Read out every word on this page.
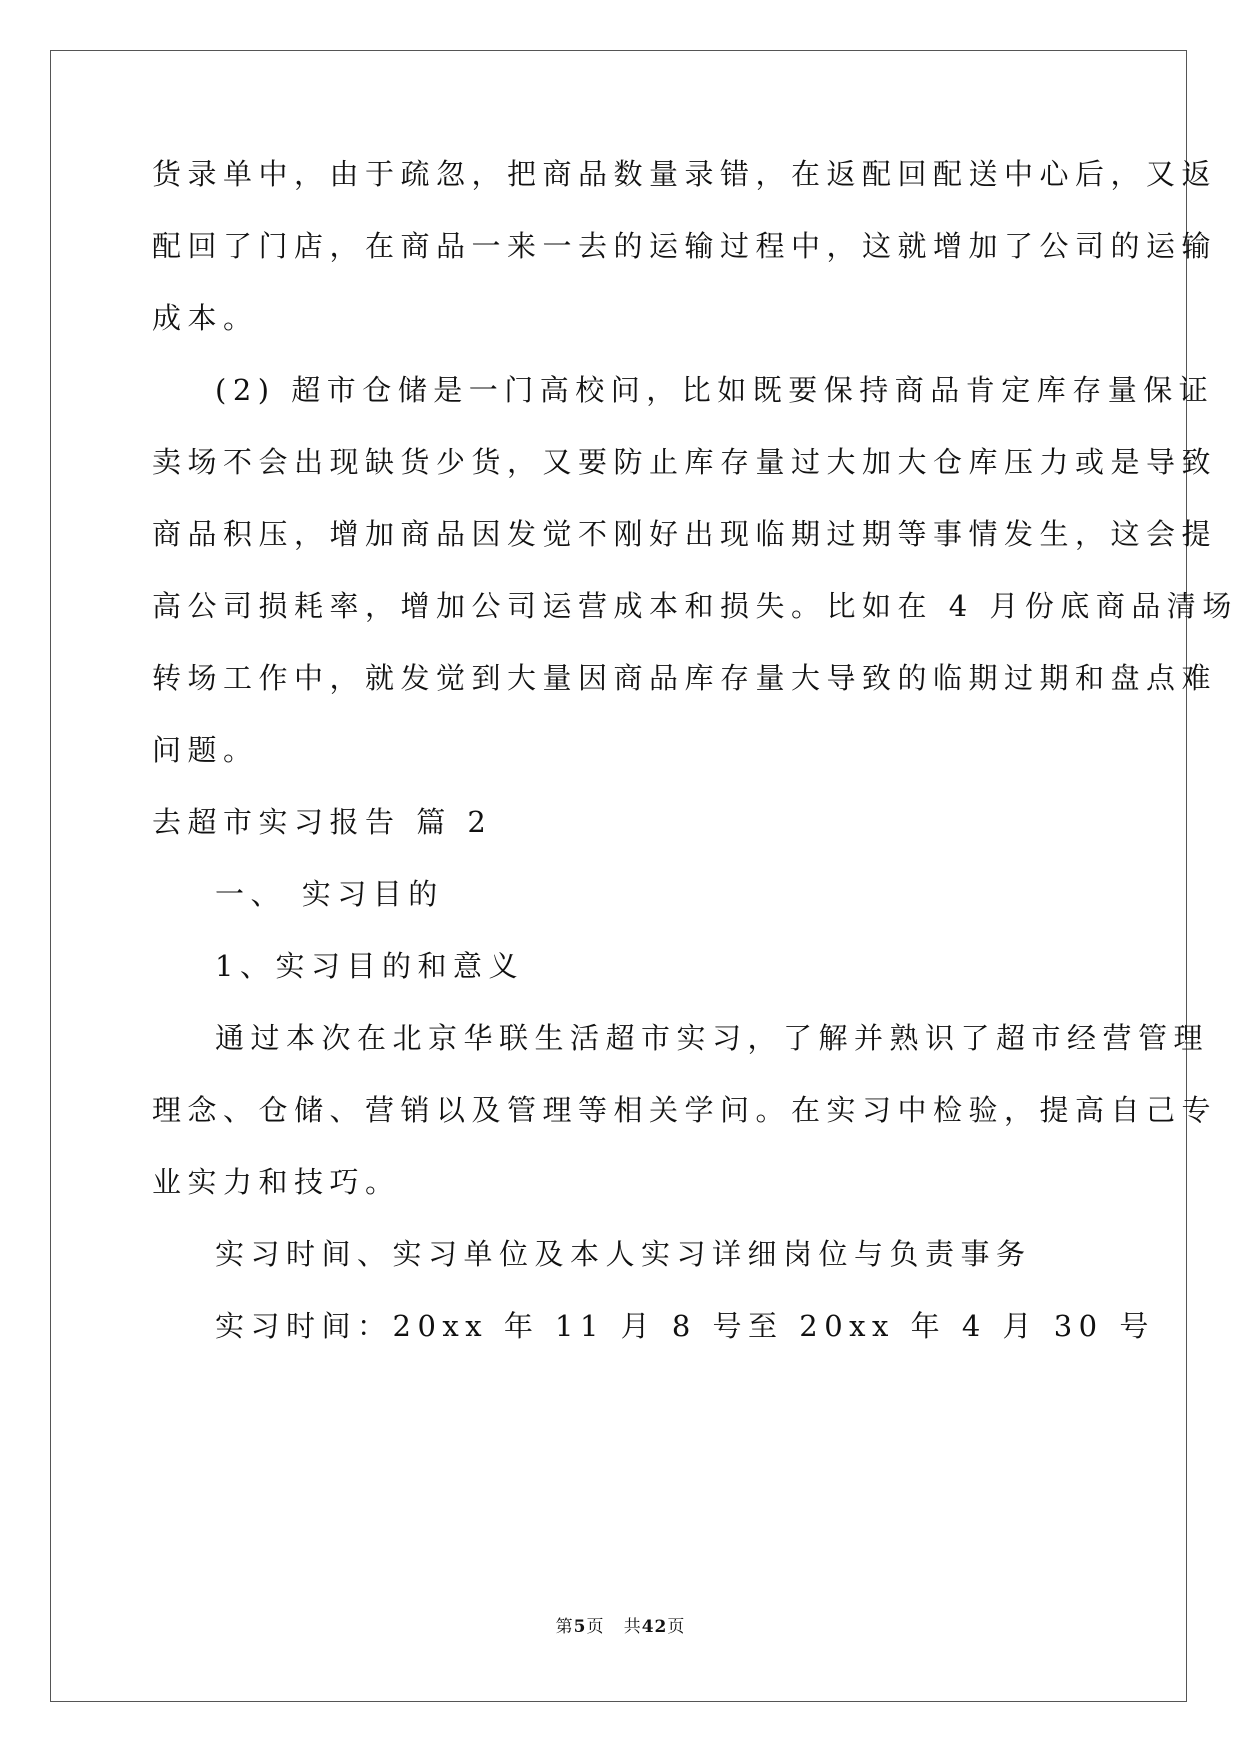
货录单中，由于疏忽，把商品数量录错，在返配回配送中心后，又返
配回了门店，在商品一来一去的运输过程中，这就增加了公司的运输
成本。
(2) 超市仓储是一门高校问，比如既要保持商品肯定库存量保证
卖场不会出现缺货少货，又要防止库存量过大加大仓库压力或是导致
商品积压，增加商品因发觉不刚好出现临期过期等事情发生，这会提
高公司损耗率，增加公司运营成本和损失。比如在 4 月份底商品清场
转场工作中，就发觉到大量因商品库存量大导致的临期过期和盘点难
问题。
去超市实习报告 篇 2
一、 实习目的
1、实习目的和意义
通过本次在北京华联生活超市实习，了解并熟识了超市经营管理
理念、仓储、营销以及管理等相关学问。在实习中检验，提高自己专
业实力和技巧。
实习时间、实习单位及本人实习详细岗位与负责事务
实习时间：20xx 年 11 月 8 号至 20xx 年 4 月 30 号
第5页 共42页
